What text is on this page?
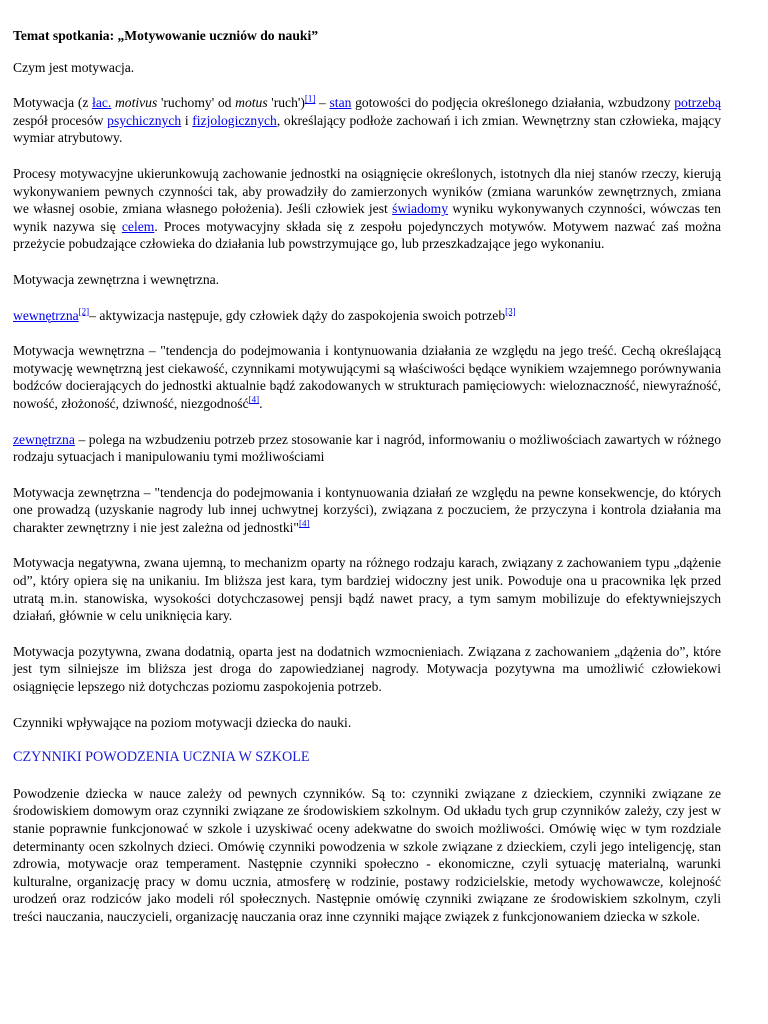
Temat spotkania: „Motywowanie uczniów do nauki”

Czym jest motywacja.

Motywacja (z łac. motivus 'ruchomy' od motus 'ruch')[1] – stan gotowości do podjęcia określonego działania, wzbudzony potrzebą zespół procesów psychicznych i fizjologicznych, określający podłoże zachowań i ich zmian. Wewnętrzny stan człowieka, mający wymiar atrybutowy.

Procesy motywacyjne ukierunkowują zachowanie jednostki na osiągnięcie określonych, istotnych dla niej stanów rzeczy, kierują wykonywaniem pewnych czynności tak, aby prowadziły do zamierzonych wyników (zmiana warunków zewnętrznych, zmiana we własnej osobie, zmiana własnego położenia). Jeśli człowiek jest świadomy wyniku wykonywanych czynności, wówczas ten wynik nazywa się celem. Proces motywacyjny składa się z zespołu pojedynczych motywów. Motywem nazwać zaś można przeżycie pobudzające człowieka do działania lub powstrzymujące go, lub przeszkadzające jego wykonaniu.

Motywacja zewnętrzna i wewnętrzna.

wewnętrzna[2]– aktywizacja następuje, gdy człowiek dąży do zaspokojenia swoich potrzeb[3]

Motywacja wewnętrzna – "tendencja do podejmowania i kontynuowania działania ze względu na jego treść. Cechą określającą motywację wewnętrzną jest ciekawość, czynnikami motywującymi są właściwości będące wynikiem wzajemnego porównywania bodźców docierających do jednostki aktualnie bądź zakodowanych w strukturach pamięciowych: wieloznaczność, niewyraźność, nowość, złożoność, dziwność, niezgodność[4].

zewnętrzna – polega na wzbudzeniu potrzeb przez stosowanie kar i nagród, informowaniu o możliwościach zawartych w różnego rodzaju sytuacjach i manipulowaniu tymi możliwościami

Motywacja zewnętrzna – "tendencja do podejmowania i kontynuowania działań ze względu na pewne konsekwencje, do których one prowadzą (uzyskanie nagrody lub innej uchwytnej korzyści), związana z poczuciem, że przyczyna i kontrola działania ma charakter zewnętrzny i nie jest zależna od jednostki"[4]

Motywacja negatywna, zwana ujemną, to mechanizm oparty na różnego rodzaju karach, związany z zachowaniem typu „dążenie od”, który opiera się na unikaniu. Im bliższa jest kara, tym bardziej widoczny jest unik. Powoduje ona u pracownika lęk przed utratą m.in. stanowiska, wysokości dotychczasowej pensji bądź nawet pracy, a tym samym mobilizuje do efektywniejszych działań, głównie w celu uniknięcia kary.

Motywacja pozytywna, zwana dodatnią, oparta jest na dodatnich wzmocnieniach. Związana z zachowaniem „dążenia do”, które jest tym silniejsze im bliższa jest droga do zapowiedzianej nagrody. Motywacja pozytywna ma umożliwić człowiekowi osiągnięcie lepszego niż dotychczas poziomu zaspokojenia potrzeb.

Czynniki wpływające na poziom motywacji dziecka do nauki.

CZYNNIKI POWODZENIA UCZNIA W SZKOLE

Powodzenie dziecka w nauce zależy od pewnych czynników. Są to: czynniki związane z dzieckiem, czynniki związane ze środowiskiem domowym oraz czynniki związane ze środowiskiem szkolnym. Od układu tych grup czynników zależy, czy jest w stanie poprawnie funkcjonować w szkole i uzyskiwać oceny adekwatne do swoich możliwości. Omówię więc w tym rozdziale determinanty ocen szkolnych dzieci. Omówię czynniki powodzenia w szkole związane z dzieckiem, czyli jego inteligencję, stan zdrowia, motywacje oraz temperament. Następnie czynniki społeczno - ekonomiczne, czyli sytuację materialną, warunki kulturalne, organizację pracy w domu ucznia, atmosferę w rodzinie, postawy rodzicielskie, metody wychowawcze, kolejność urodzeń oraz rodziców jako modeli ról społecznych. Następnie omówię czynniki związane ze środowiskiem szkolnym, czyli treści nauczania, nauczycieli, organizację nauczania oraz inne czynniki mające związek z funkcjonowaniem dziecka w szkole.
